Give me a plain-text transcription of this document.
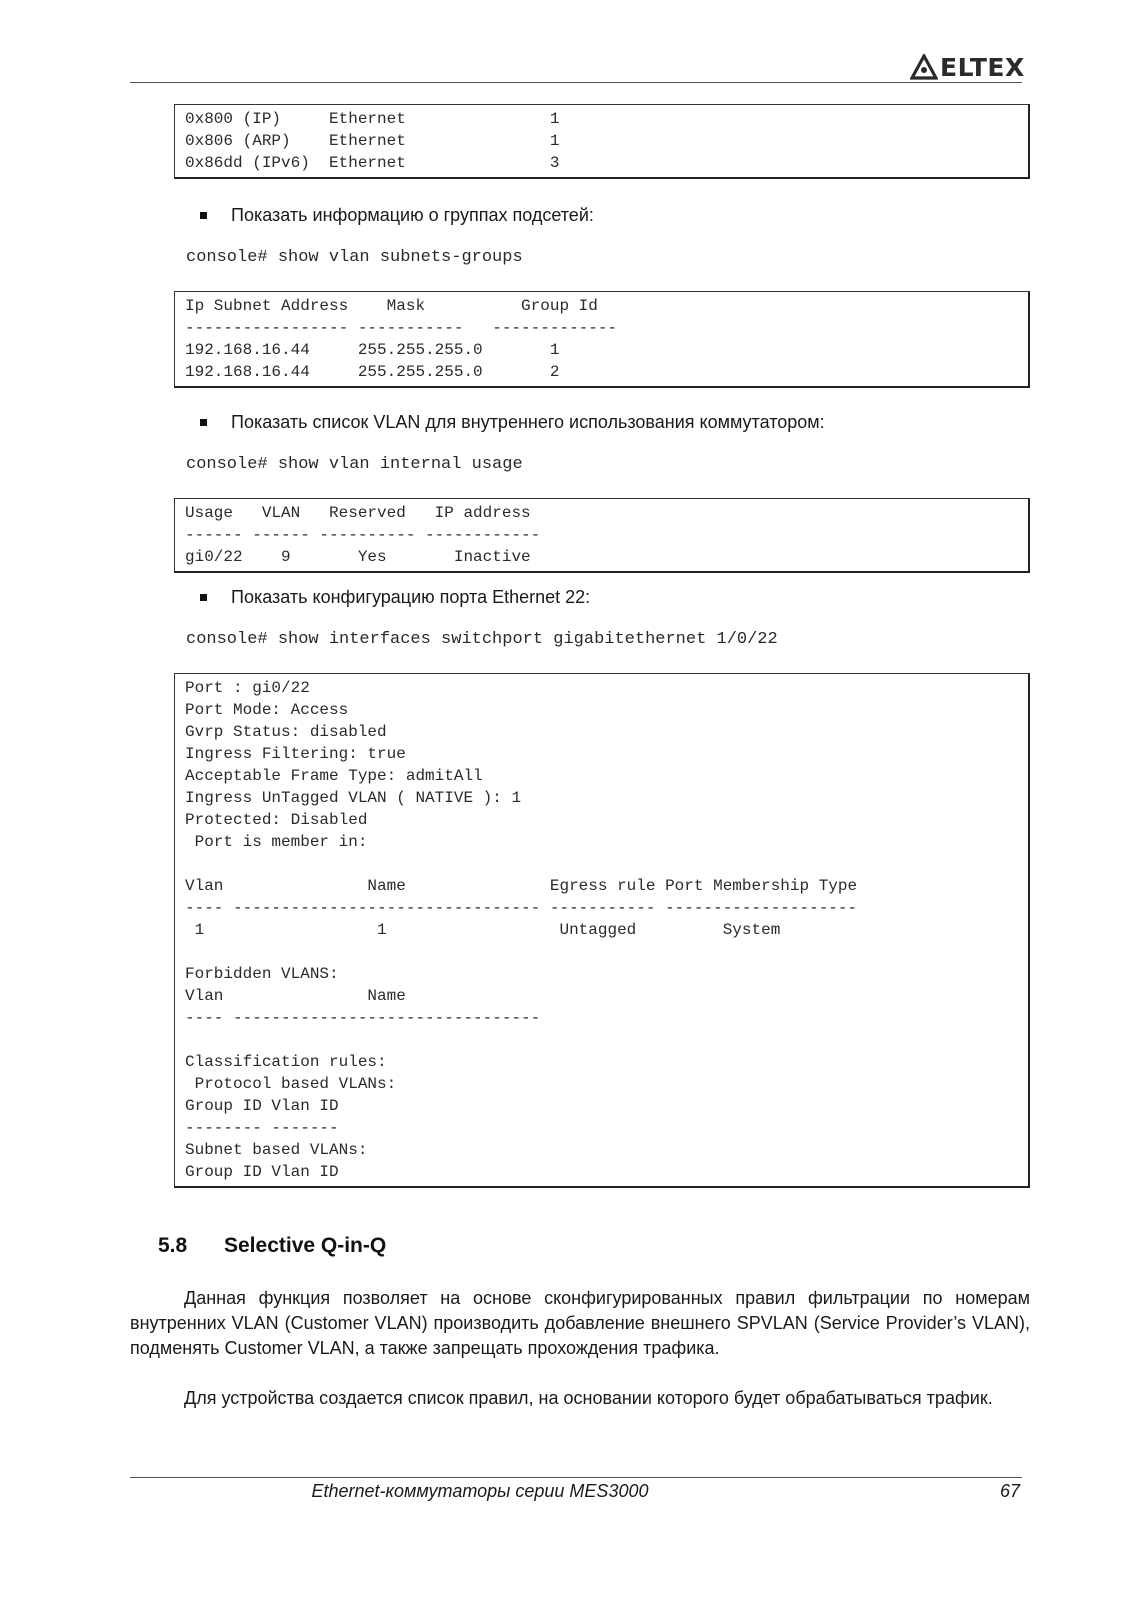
ELTEX
0x800 (IP)     Ethernet               1
0x806 (ARP)    Ethernet               1
0x86dd (IPv6)  Ethernet               3
Показать информацию о группах подсетей:
console# show vlan subnets-groups
Ip Subnet Address    Mask          Group Id
----------------- -----------   -------------
192.168.16.44     255.255.255.0       1
192.168.16.44     255.255.255.0       2
Показать список VLAN для внутреннего использования коммутатором:
console# show vlan internal usage
Usage   VLAN   Reserved   IP address
------ ------ ---------- ------------
gi0/22    9       Yes       Inactive
Показать конфигурацию порта Ethernet 22:
console# show interfaces switchport gigabitethernet 1/0/22
Port : gi0/22
Port Mode: Access
Gvrp Status: disabled
Ingress Filtering: true
Acceptable Frame Type: admitAll
Ingress UnTagged VLAN ( NATIVE ): 1
Protected: Disabled
Port is member in:

Vlan               Name               Egress rule Port Membership Type
---- -------------------------------- ----------- --------------------
1                  1                  Untagged         System

Forbidden VLANS:
Vlan               Name
---- --------------------------------

Classification rules:
Protocol based VLANs:
Group ID Vlan ID
-------- -------
Subnet based VLANs:
Group ID Vlan ID
5.8	Selective Q-in-Q
Данная функция позволяет на основе сконфигурированных правил фильтрации по номерам внутренних VLAN (Customer VLAN) производить добавление внешнего SPVLAN (Service Provider’s VLAN), подменять Customer VLAN, а также запрещать прохождения трафика.
Для устройства создается список правил, на основании которого будет обрабатываться трафик.
Ethernet-коммутаторы серии MES3000	67
